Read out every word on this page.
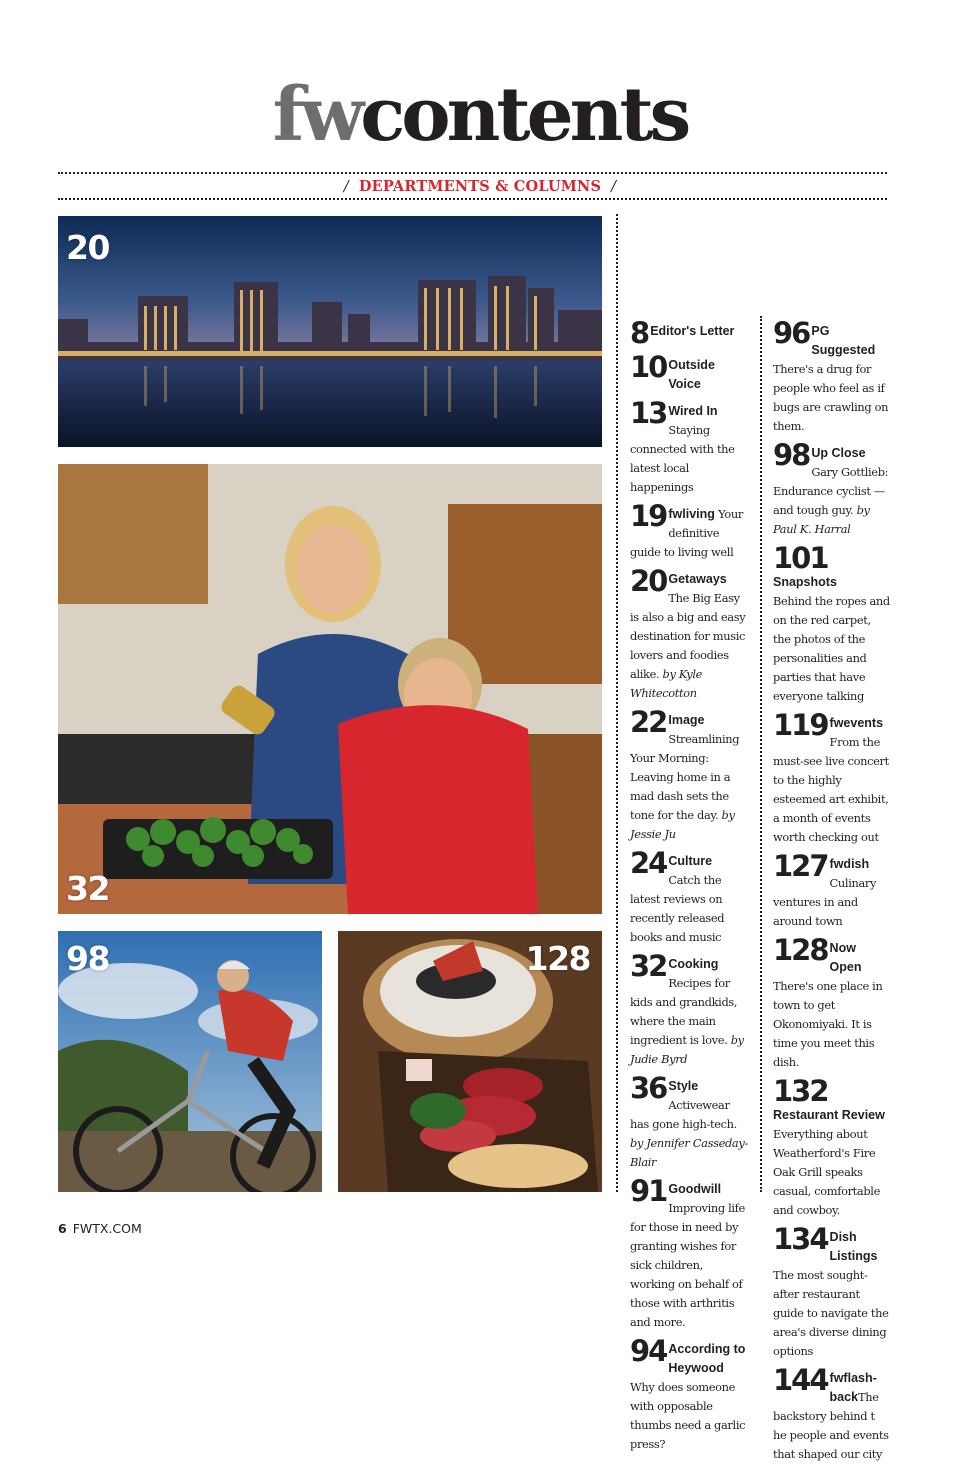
fwcontents
/ DEPARTMENTS & COLUMNS /
20
32
98	128
8 Editor's Letter
10 Outside Voice
13 Wired In
Staying connected with the latest local happenings
19 fwliving Your definitive guide to living well
20 Getaways
The Big Easy is also a big and easy destination for music lovers and foodies alike. by Kyle Whitecotton
22 Image
Streamlining Your Morning: Leaving home in a mad dash sets the tone for the day. by Jessie Ju
24 Culture
Catch the latest reviews on recently released books and music
32 Cooking
Recipes for kids and grandkids, where the main ingredient is love. by Judie Byrd
36 Style
Activewear has gone high-tech. by Jennifer Casseday-Blair
91 Goodwill
Improving life for those in need by granting wishes for sick children, working on behalf of those with arthritis and more.
94 According to Heywood
Why does someone with opposable thumbs need a garlic press?
96 PG Suggested
There's a drug for people who feel as if bugs are crawling on them.
98 Up Close
Gary Gottlieb: Endurance cyclist — and tough guy. by Paul K. Harral
101
Snapshots
Behind the ropes and on the red carpet, the photos of the personalities and parties that have everyone talking
119 fwevents
From the must-see live concert to the highly esteemed art exhibit, a month of events worth checking out
127 fwdish
Culinary ventures in and around town
128 Now Open
There's one place in town to get Okonomiyaki. It is time you meet this dish.
132
Restaurant Review
Everything about Weatherford's Fire Oak Grill speaks casual, comfortable and cowboy.
134 Dish Listings
The most sought-after restaurant guide to navigate the area's diverse dining options
144 fwflash-backThe backstory behind t he people and events that shaped our city
6 FWTX.COM
